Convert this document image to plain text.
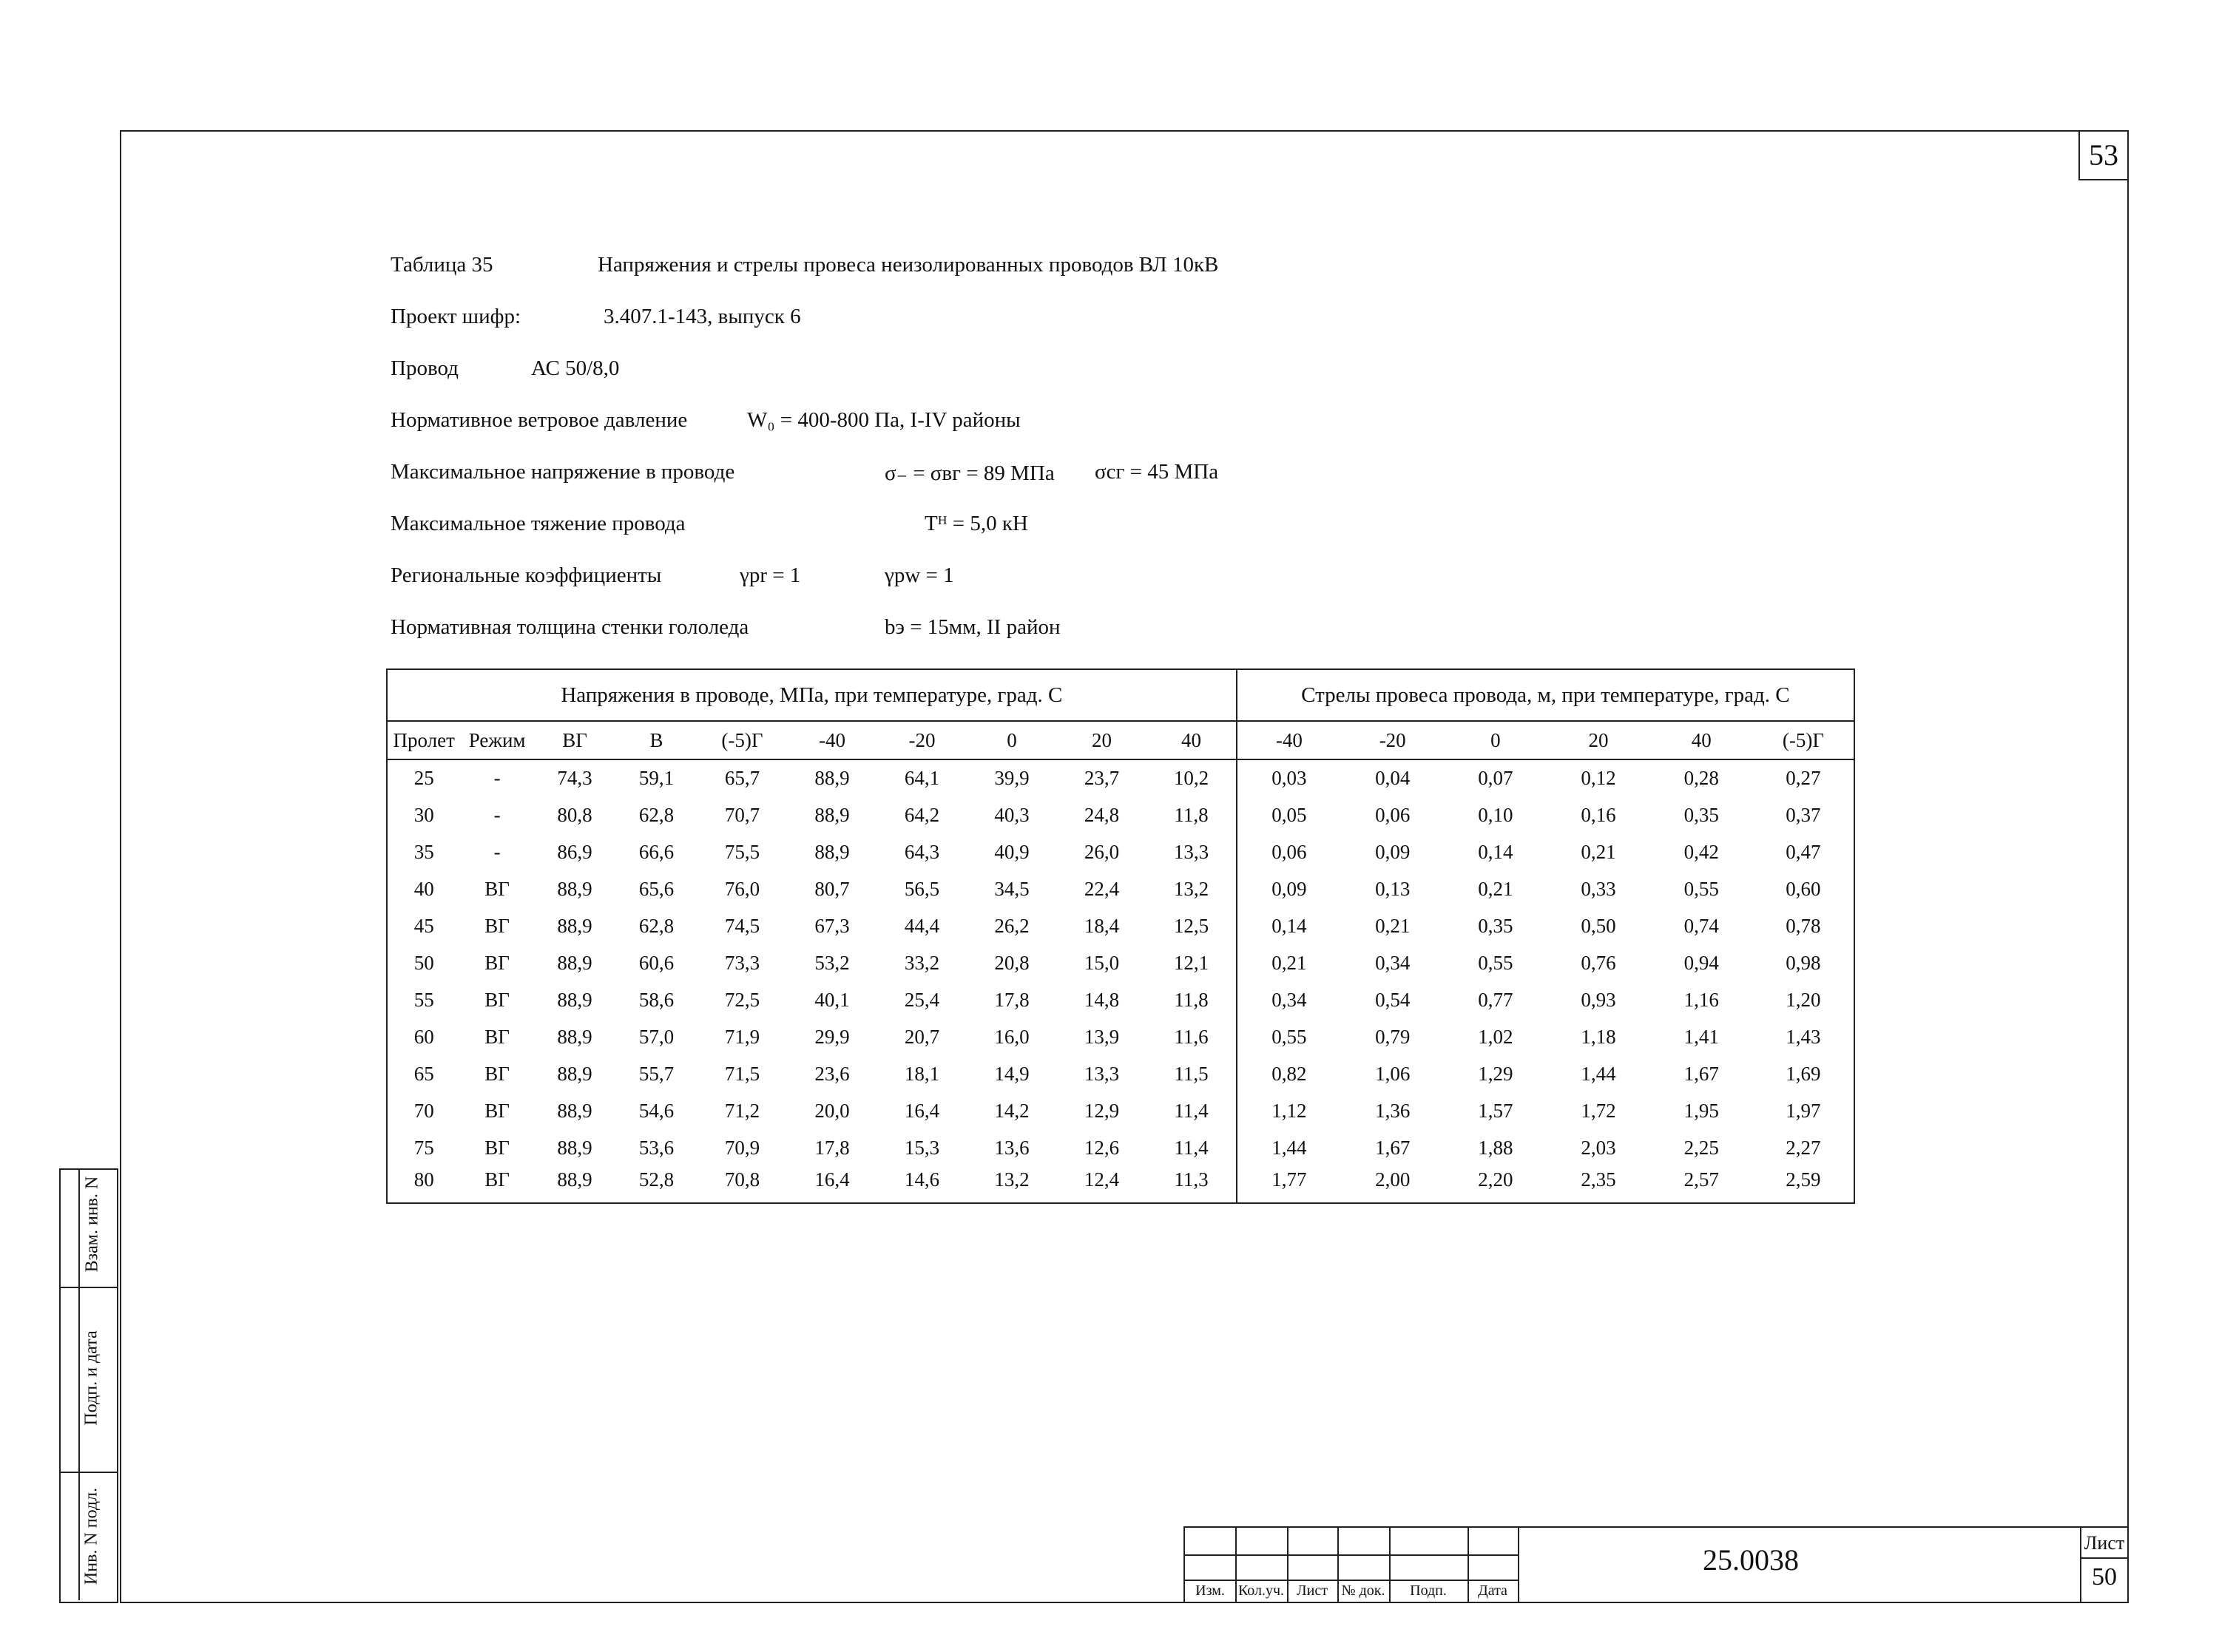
53
Таблица 35	Напряжения и стрелы провеса неизолированных проводов ВЛ 10кВ
Проект шифр:	3.407.1-143, выпуск 6
Провод	АС 50/8,0
Нормативное ветровое давление	W₀ = 400-800 Па, I-IV районы
Максимальное напряжение в проводе	σ₋ = σвг = 89 МПа σсг = 45 МПа
Максимальное тяжение провода	Тᴴ = 5,0 кН
Региональные коэффициенты	γpr = 1	γpw = 1
Нормативная толщина стенки гололеда	bэ = 15мм, II район
Напряжения в проводе, МПа, при температуре, град. С										Стрелы провеса провода, м, при температуре, град. С					
Пролет	Режим	ВГ	В	(-5)Г	-40	-20	0	20	40	-40	-20	0	20	40	(-5)Г
25	-	74,3	59,1	65,7	88,9	64,1	39,9	23,7	10,2	0,03	0,04	0,07	0,12	0,28	0,27
30	-	80,8	62,8	70,7	88,9	64,2	40,3	24,8	11,8	0,05	0,06	0,10	0,16	0,35	0,37
35	-	86,9	66,6	75,5	88,9	64,3	40,9	26,0	13,3	0,06	0,09	0,14	0,21	0,42	0,47
40	ВГ	88,9	65,6	76,0	80,7	56,5	34,5	22,4	13,2	0,09	0,13	0,21	0,33	0,55	0,60
45	ВГ	88,9	62,8	74,5	67,3	44,4	26,2	18,4	12,5	0,14	0,21	0,35	0,50	0,74	0,78
50	ВГ	88,9	60,6	73,3	53,2	33,2	20,8	15,0	12,1	0,21	0,34	0,55	0,76	0,94	0,98
55	ВГ	88,9	58,6	72,5	40,1	25,4	17,8	14,8	11,8	0,34	0,54	0,77	0,93	1,16	1,20
60	ВГ	88,9	57,0	71,9	29,9	20,7	16,0	13,9	11,6	0,55	0,79	1,02	1,18	1,41	1,43
65	ВГ	88,9	55,7	71,5	23,6	18,1	14,9	13,3	11,5	0,82	1,06	1,29	1,44	1,67	1,69
70	ВГ	88,9	54,6	71,2	20,0	16,4	14,2	12,9	11,4	1,12	1,36	1,57	1,72	1,95	1,97
75	ВГ	88,9	53,6	70,9	17,8	15,3	13,6	12,6	11,4	1,44	1,67	1,88	2,03	2,25	2,27
80	ВГ	88,9	52,8	70,8	16,4	14,6	13,2	12,4	11,3	1,77	2,00	2,20	2,35	2,57	2,59
Взам. инв. N
Подп. и дата
Инв. N подл.
Изм. Кол.уч. Лист № док.	Подп.	Дата
25.0038
Лист
50
